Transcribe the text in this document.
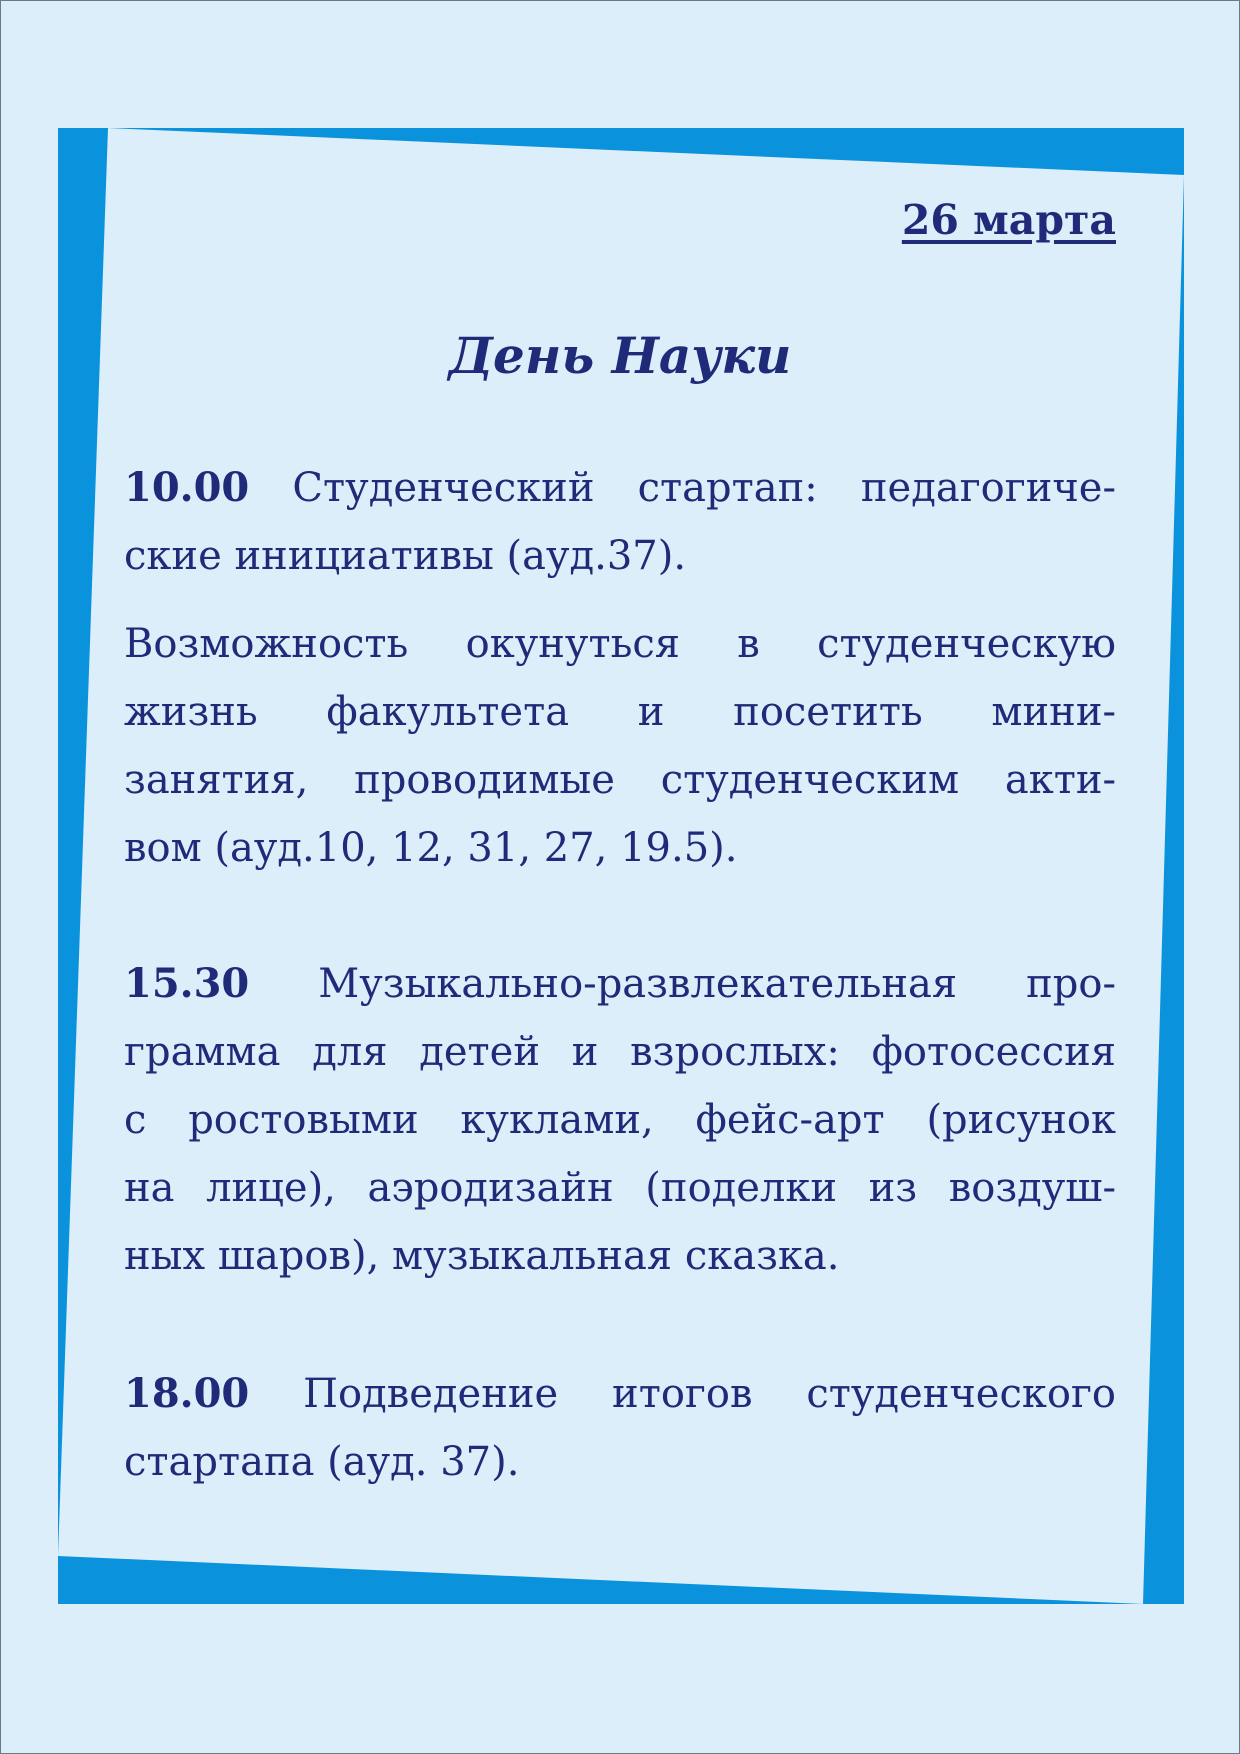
26 марта

День Науки

10.00 Студенческий стартап: педагогиче-
ские инициативы (ауд.37).

Возможность окунуться в студенческую
жизнь факультета и посетить мини-
занятия, проводимые студенческим акти-
вом (ауд.10, 12, 31, 27, 19.5).

15.30 Музыкально-развлекательная про-
грамма для детей и взрослых: фотосессия
с ростовыми куклами, фейс-арт (рисунок
на лице), аэродизайн (поделки из воздуш-
ных шаров), музыкальная сказка.

18.00 Подведение итогов студенческого
стартапа (ауд. 37).
